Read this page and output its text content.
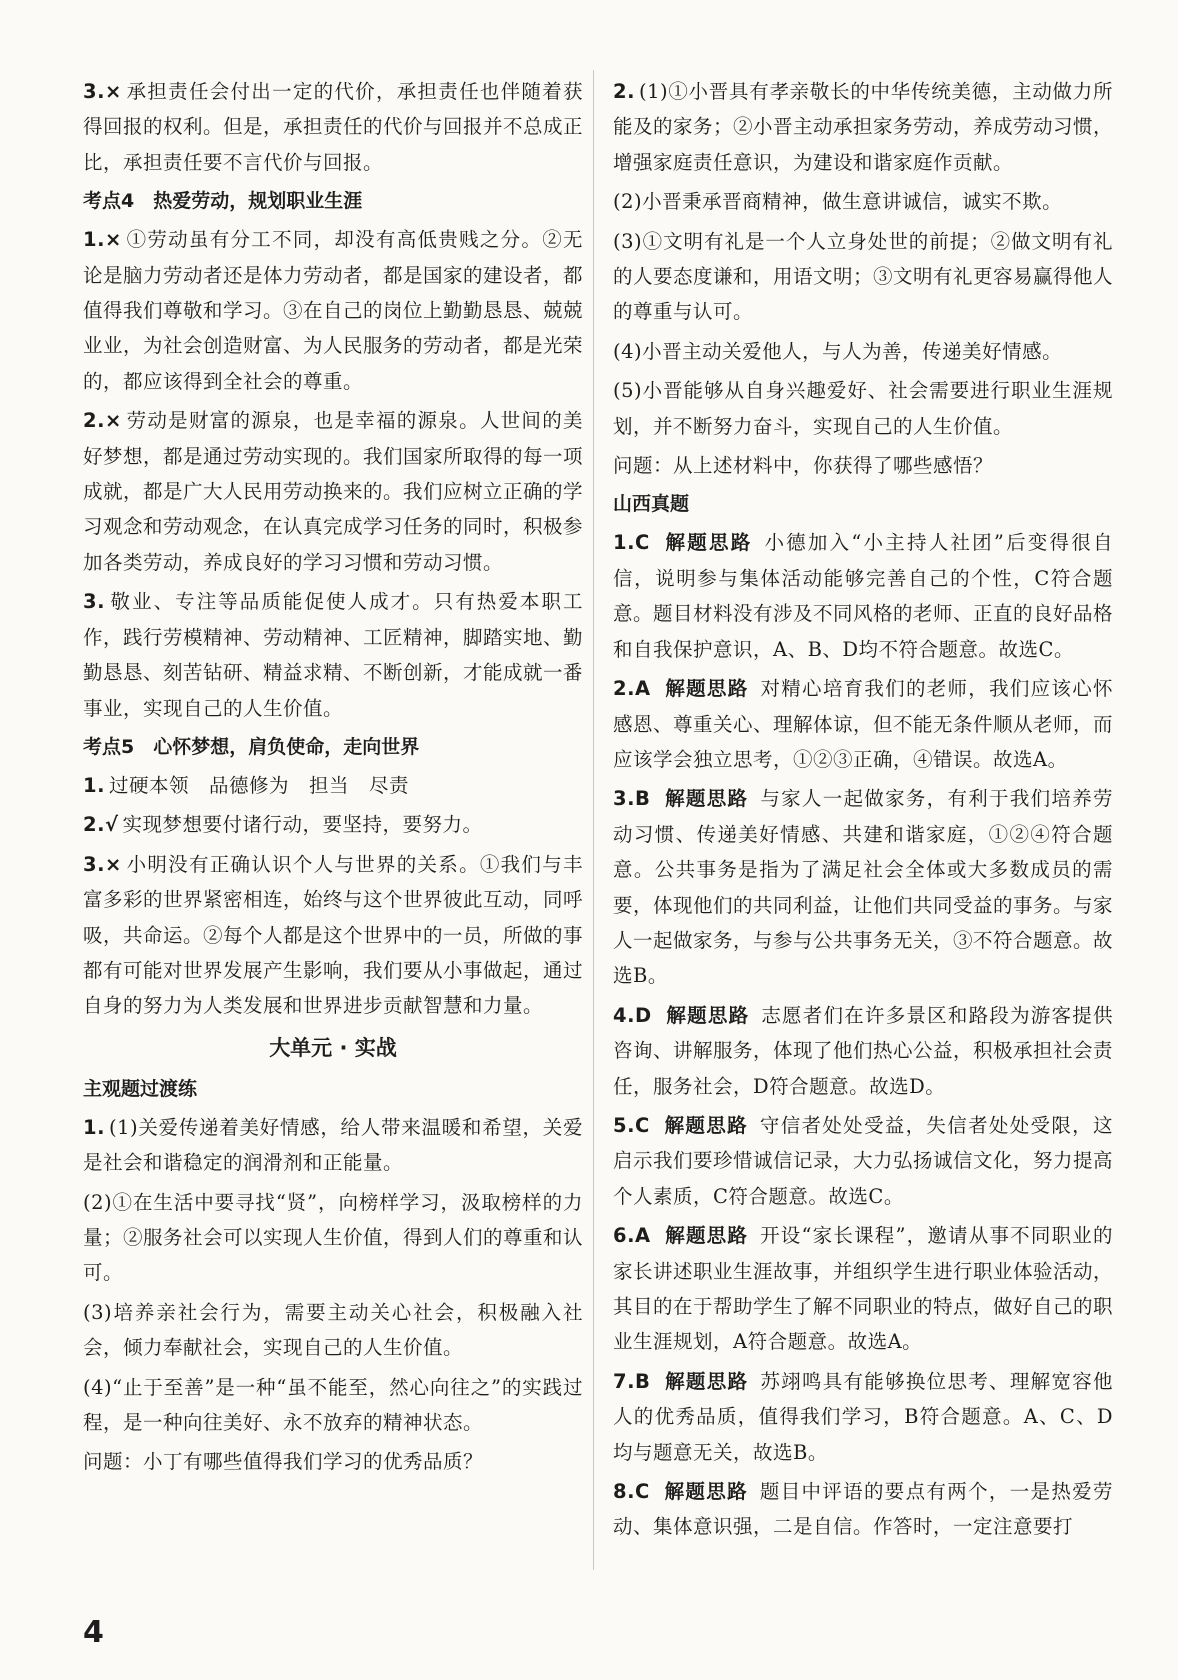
3.× 承担责任会付出一定的代价，承担责任也伴随着获得回报的权利。但是，承担责任的代价与回报并不总成正比，承担责任要不言代价与回报。

考点4　热爱劳动，规划职业生涯

1.× ①劳动虽有分工不同，却没有高低贵贱之分。②无论是脑力劳动者还是体力劳动者，都是国家的建设者，都值得我们尊敬和学习。③在自己的岗位上勤勤恳恳、兢兢业业，为社会创造财富、为人民服务的劳动者，都是光荣的，都应该得到全社会的尊重。

2.× 劳动是财富的源泉，也是幸福的源泉。人世间的美好梦想，都是通过劳动实现的。我们国家所取得的每一项成就，都是广大人民用劳动换来的。我们应树立正确的学习观念和劳动观念，在认真完成学习任务的同时，积极参加各类劳动，养成良好的学习习惯和劳动习惯。

3. 敬业、专注等品质能促使人成才。只有热爱本职工作，践行劳模精神、劳动精神、工匠精神，脚踏实地、勤勤恳恳、刻苦钻研、精益求精、不断创新，才能成就一番事业，实现自己的人生价值。

考点5　心怀梦想，肩负使命，走向世界

1. 过硬本领　品德修为　担当　尽责

2.√ 实现梦想要付诸行动，要坚持，要努力。

3.× 小明没有正确认识个人与世界的关系。①我们与丰富多彩的世界紧密相连，始终与这个世界彼此互动，同呼吸，共命运。②每个人都是这个世界中的一员，所做的事都有可能对世界发展产生影响，我们要从小事做起，通过自身的努力为人类发展和世界进步贡献智慧和力量。

大单元 · 实战
主观题过渡练

1. (1)关爱传递着美好情感，给人带来温暖和希望，关爱是社会和谐稳定的润滑剂和正能量。

(2)①在生活中要寻找“贤”，向榜样学习，汲取榜样的力量；②服务社会可以实现人生价值，得到人们的尊重和认可。

(3)培养亲社会行为，需要主动关心社会，积极融入社会，倾力奉献社会，实现自己的人生价值。

(4)“止于至善”是一种“虽不能至，然心向往之”的实践过程，是一种向往美好、永不放弃的精神状态。

问题：小丁有哪些值得我们学习的优秀品质？

2. (1)①小晋具有孝亲敬长的中华传统美德，主动做力所能及的家务；②小晋主动承担家务劳动，养成劳动习惯，增强家庭责任意识，为建设和谐家庭作贡献。

(2)小晋秉承晋商精神，做生意讲诚信，诚实不欺。

(3)①文明有礼是一个人立身处世的前提；②做文明有礼的人要态度谦和，用语文明；③文明有礼更容易赢得他人的尊重与认可。

(4)小晋主动关爱他人，与人为善，传递美好情感。

(5)小晋能够从自身兴趣爱好、社会需要进行职业生涯规划，并不断努力奋斗，实现自己的人生价值。

问题：从上述材料中，你获得了哪些感悟？

山西真题

1.C 解题思路 小德加入“小主持人社团”后变得很自信，说明参与集体活动能够完善自己的个性，C符合题意。题目材料没有涉及不同风格的老师、正直的良好品格和自我保护意识，A、B、D均不符合题意。故选C。

2.A 解题思路 对精心培育我们的老师，我们应该心怀感恩、尊重关心、理解体谅，但不能无条件顺从老师，而应该学会独立思考，①②③正确，④错误。故选A。

3.B 解题思路 与家人一起做家务，有利于我们培养劳动习惯、传递美好情感、共建和谐家庭，①②④符合题意。公共事务是指为了满足社会全体或大多数成员的需要，体现他们的共同利益，让他们共同受益的事务。与家人一起做家务，与参与公共事务无关，③不符合题意。故选B。

4.D 解题思路 志愿者们在许多景区和路段为游客提供咨询、讲解服务，体现了他们热心公益，积极承担社会责任，服务社会，D符合题意。故选D。

5.C 解题思路 守信者处处受益，失信者处处受限，这启示我们要珍惜诚信记录，大力弘扬诚信文化，努力提高个人素质，C符合题意。故选C。

6.A 解题思路 开设“家长课程”，邀请从事不同职业的家长讲述职业生涯故事，并组织学生进行职业体验活动，其目的在于帮助学生了解不同职业的特点，做好自己的职业生涯规划，A符合题意。故选A。

7.B 解题思路 苏翊鸣具有能够换位思考、理解宽容他人的优秀品质，值得我们学习，B符合题意。A、C、D均与题意无关，故选B。

8.C 解题思路 题目中评语的要点有两个，一是热爱劳动、集体意识强，二是自信。作答时，一定注意要打

4
